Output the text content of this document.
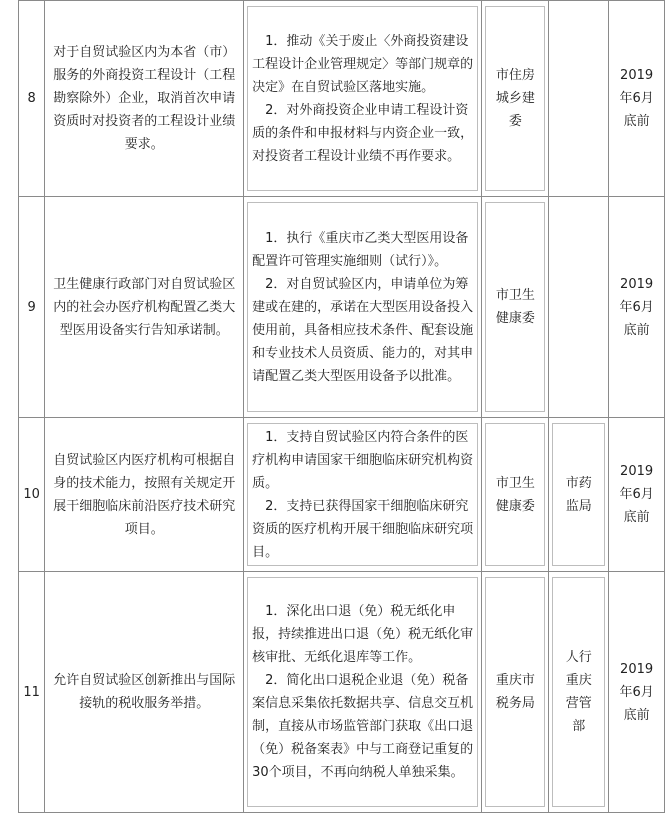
8	对于自贸试验区内为本省（市）服务的外商投资工程设计（工程勘察除外）企业，取消首次申请资质时对投资者的工程设计业绩要求。	1．推动《关于废止〈外商投资建设工程设计企业管理规定〉等部门规章的决定》在自贸试验区落地实施。

2．对外商投资企业申请工程设计资质的条件和申报材料与内资企业一致，对投资者工程设计业绩不再作要求。	市住房城乡建委		2019年6月底前

9	卫生健康行政部门对自贸试验区内的社会办医疗机构配置乙类大型医用设备实行告知承诺制。	1．执行《重庆市乙类大型医用设备配置许可管理实施细则（试行）》。

2．对自贸试验区内，申请单位为筹建或在建的，承诺在大型医用设备投入使用前，具备相应技术条件、配套设施和专业技术人员资质、能力的，对其申请配置乙类大型医用设备予以批准。	市卫生健康委		2019年6月底前

10	自贸试验区内医疗机构可根据自身的技术能力，按照有关规定开展干细胞临床前沿医疗技术研究项目。	1．支持自贸试验区内符合条件的医疗机构申请国家干细胞临床研究机构资质。

2．支持已获得国家干细胞临床研究资质的医疗机构开展干细胞临床研究项目。	市卫生健康委	市药监局	2019年6月底前

11	允许自贸试验区创新推出与国际接轨的税收服务举措。	1．深化出口退（免）税无纸化申报，持续推进出口退（免）税无纸化审核审批、无纸化退库等工作。

2．简化出口退税企业退（免）税备案信息采集依托数据共享、信息交互机制，直接从市场监管部门获取《出口退（免）税备案表》中与工商登记重复的30个项目，不再向纳税人单独采集。	重庆市税务局	人行重庆营管部	2019年6月底前
